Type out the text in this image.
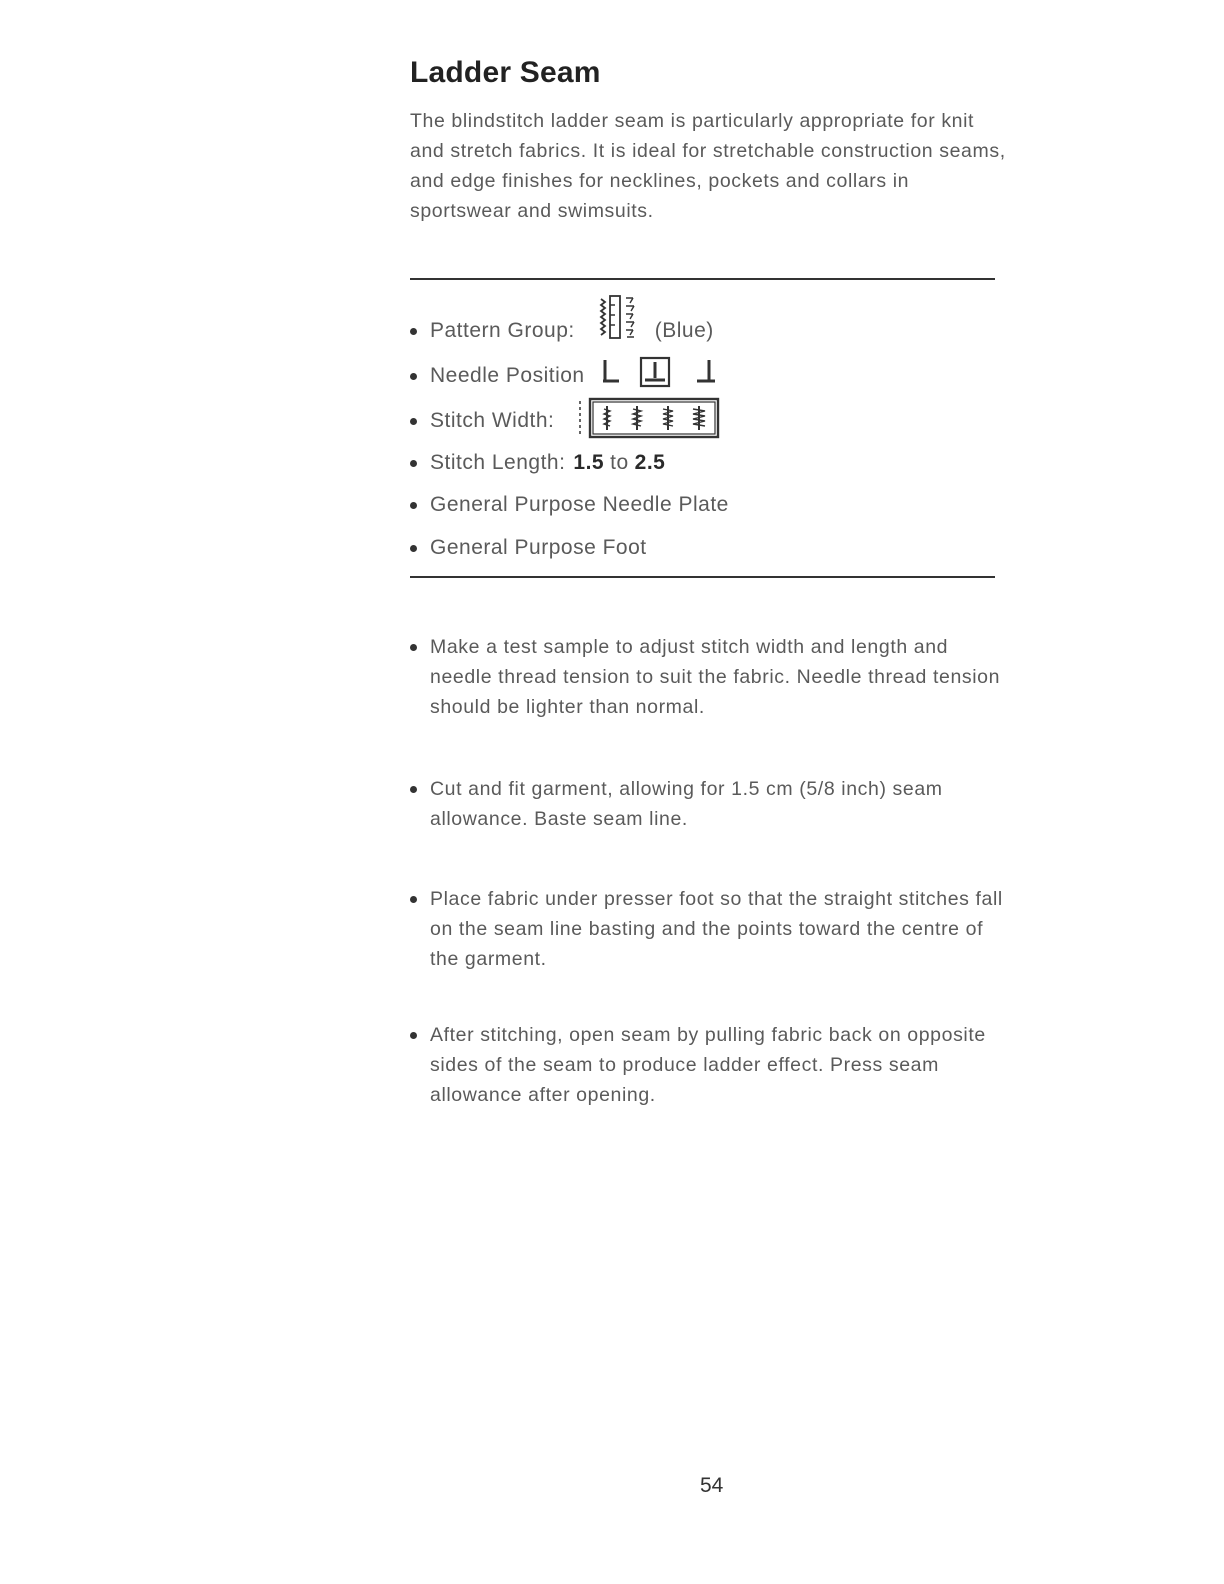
Ladder Seam

The blindstitch ladder seam is particularly appropriate for knit and stretch fabrics. It is ideal for stretchable construction seams, and edge finishes for necklines, pockets and collars in sportswear and swimsuits.

Pattern Group:	(Blue)
Needle Position
Stitch Width:
Stitch Length: 1.5 to 2.5
General Purpose Needle Plate
General Purpose Foot
Make a test sample to adjust stitch width and length and needle thread tension to suit the fabric. Needle thread tension should be lighter than normal.
Cut and fit garment, allowing for 1.5 cm (5/8 inch) seam allowance. Baste seam line.
Place fabric under presser foot so that the straight stitches fall on the seam line basting and the points toward the centre of the garment.
After stitching, open seam by pulling fabric back on opposite sides of the seam to produce ladder effect. Press seam allowance after opening.
54
